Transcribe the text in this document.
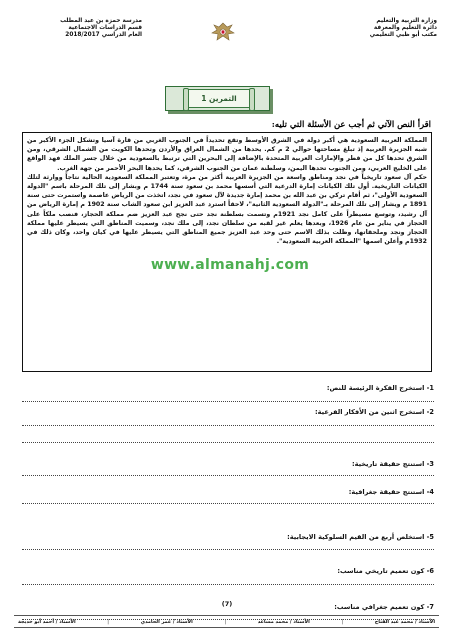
وزارة التربية والتعليم
دائرة التعليم والمعرفة
مكتب أبو ظبي التعليمي
مدرسة حمزة بن عبد المطلب
قسم الدراسات الاجتماعية
العام الدراسي 2018/2017
التمرين 1
اقرأ النص الآتي ثم أجب عن الأسئلة التي تليه:

المملكة العربية السعودية هي أكبر دولة في الشرق الأوسط وتقع تحديداً في الجنوب الغربي من قارة آسيا وتشكل الجزء الأكبر من شبه الجزيرة العربية إذ تبلغ مساحتها حوالي 2 م كم. يحدها من الشمال العراق والأردن وتحدها الكويت من الشمال الشرقي، ومن الشرق تحدها كل من قطر والإمارات العربية المتحدة بالإضافة إلى البحرين التي ترتبط بالسعودية من خلال جسر الملك فهد الواقع على الخليج العربي، ومن الجنوب تحدها اليمن، وسلطنة عمان من الجنوب الشرقي، كما يحدها البحر الأحمر من جهة الغرب.

حكم آل سعود تاريخياً في نجد ومناطق واسعة من الجزيرة العربية أكثر من مرة، وتعتبر المملكة السعودية الحالية نتاجاً ووارثة لتلك الكيانات التاريخية. أول تلك الكيانات إمارة الدرعية التي أسسها محمد بن سعود سنة 1744 م وبشار إلى تلك المرحلة باسم "الدولة السعودية الأولى"، ثم أقام تركي بن عبد الله بن محمد إمارة جديدة لآل سعود في نجد، اتخذت من الرياض عاصمة واستمرت حتى سنة 1891 م ويشار إلى تلك المرحلة بـ"الدولة السعودية الثانية"، لاحقاً استرد عبد العزيز ابن سعود الشاب سنة 1902 م إمارة الرياض من آل رشيد، وتوسع مسيطراً على كامل نجد 1921م وتسمت بسلطنة نجد حتى نجح عبد العزيز ضم مملكة الحجاز، فنصب ملكاً على الحجاز في يناير من عام 1926، وبعدها يعلم غير لقبه من سلطان نجد، إلى ملك نجد، وسميت المناطق التي يسيطر عليها مملكة الحجاز ونجد وملحقاتها، وظلت بذلك الاسم حتى وحد عبد العزيز جميع المناطق التي يسيطر عليها في كيان واحد، وكان ذلك في 1932م وأعلن اسمها "المملكة العربية السعودية".

www.almanahj.com
1- استخرج الفكرة الرئيسة للنص:
2- استخرج اثنين من الأفكار الفرعية:
3- استنتج حقيقة تاريخية:
4- استنتج حقيقة جغرافية:
5- استخلص أربع من القيم السلوكية الايجابية:
6- كون تعميم تاريخي مناسب:
7- كون تعميم جغرافي مناسب:
(7)
الأستاذ / أحمد أبو خديجة	|	الأستاذ / عمر الحامدي	|	الأستاذ / محمد مساعد	|	الأستاذ / محمد عبد الفتاح
